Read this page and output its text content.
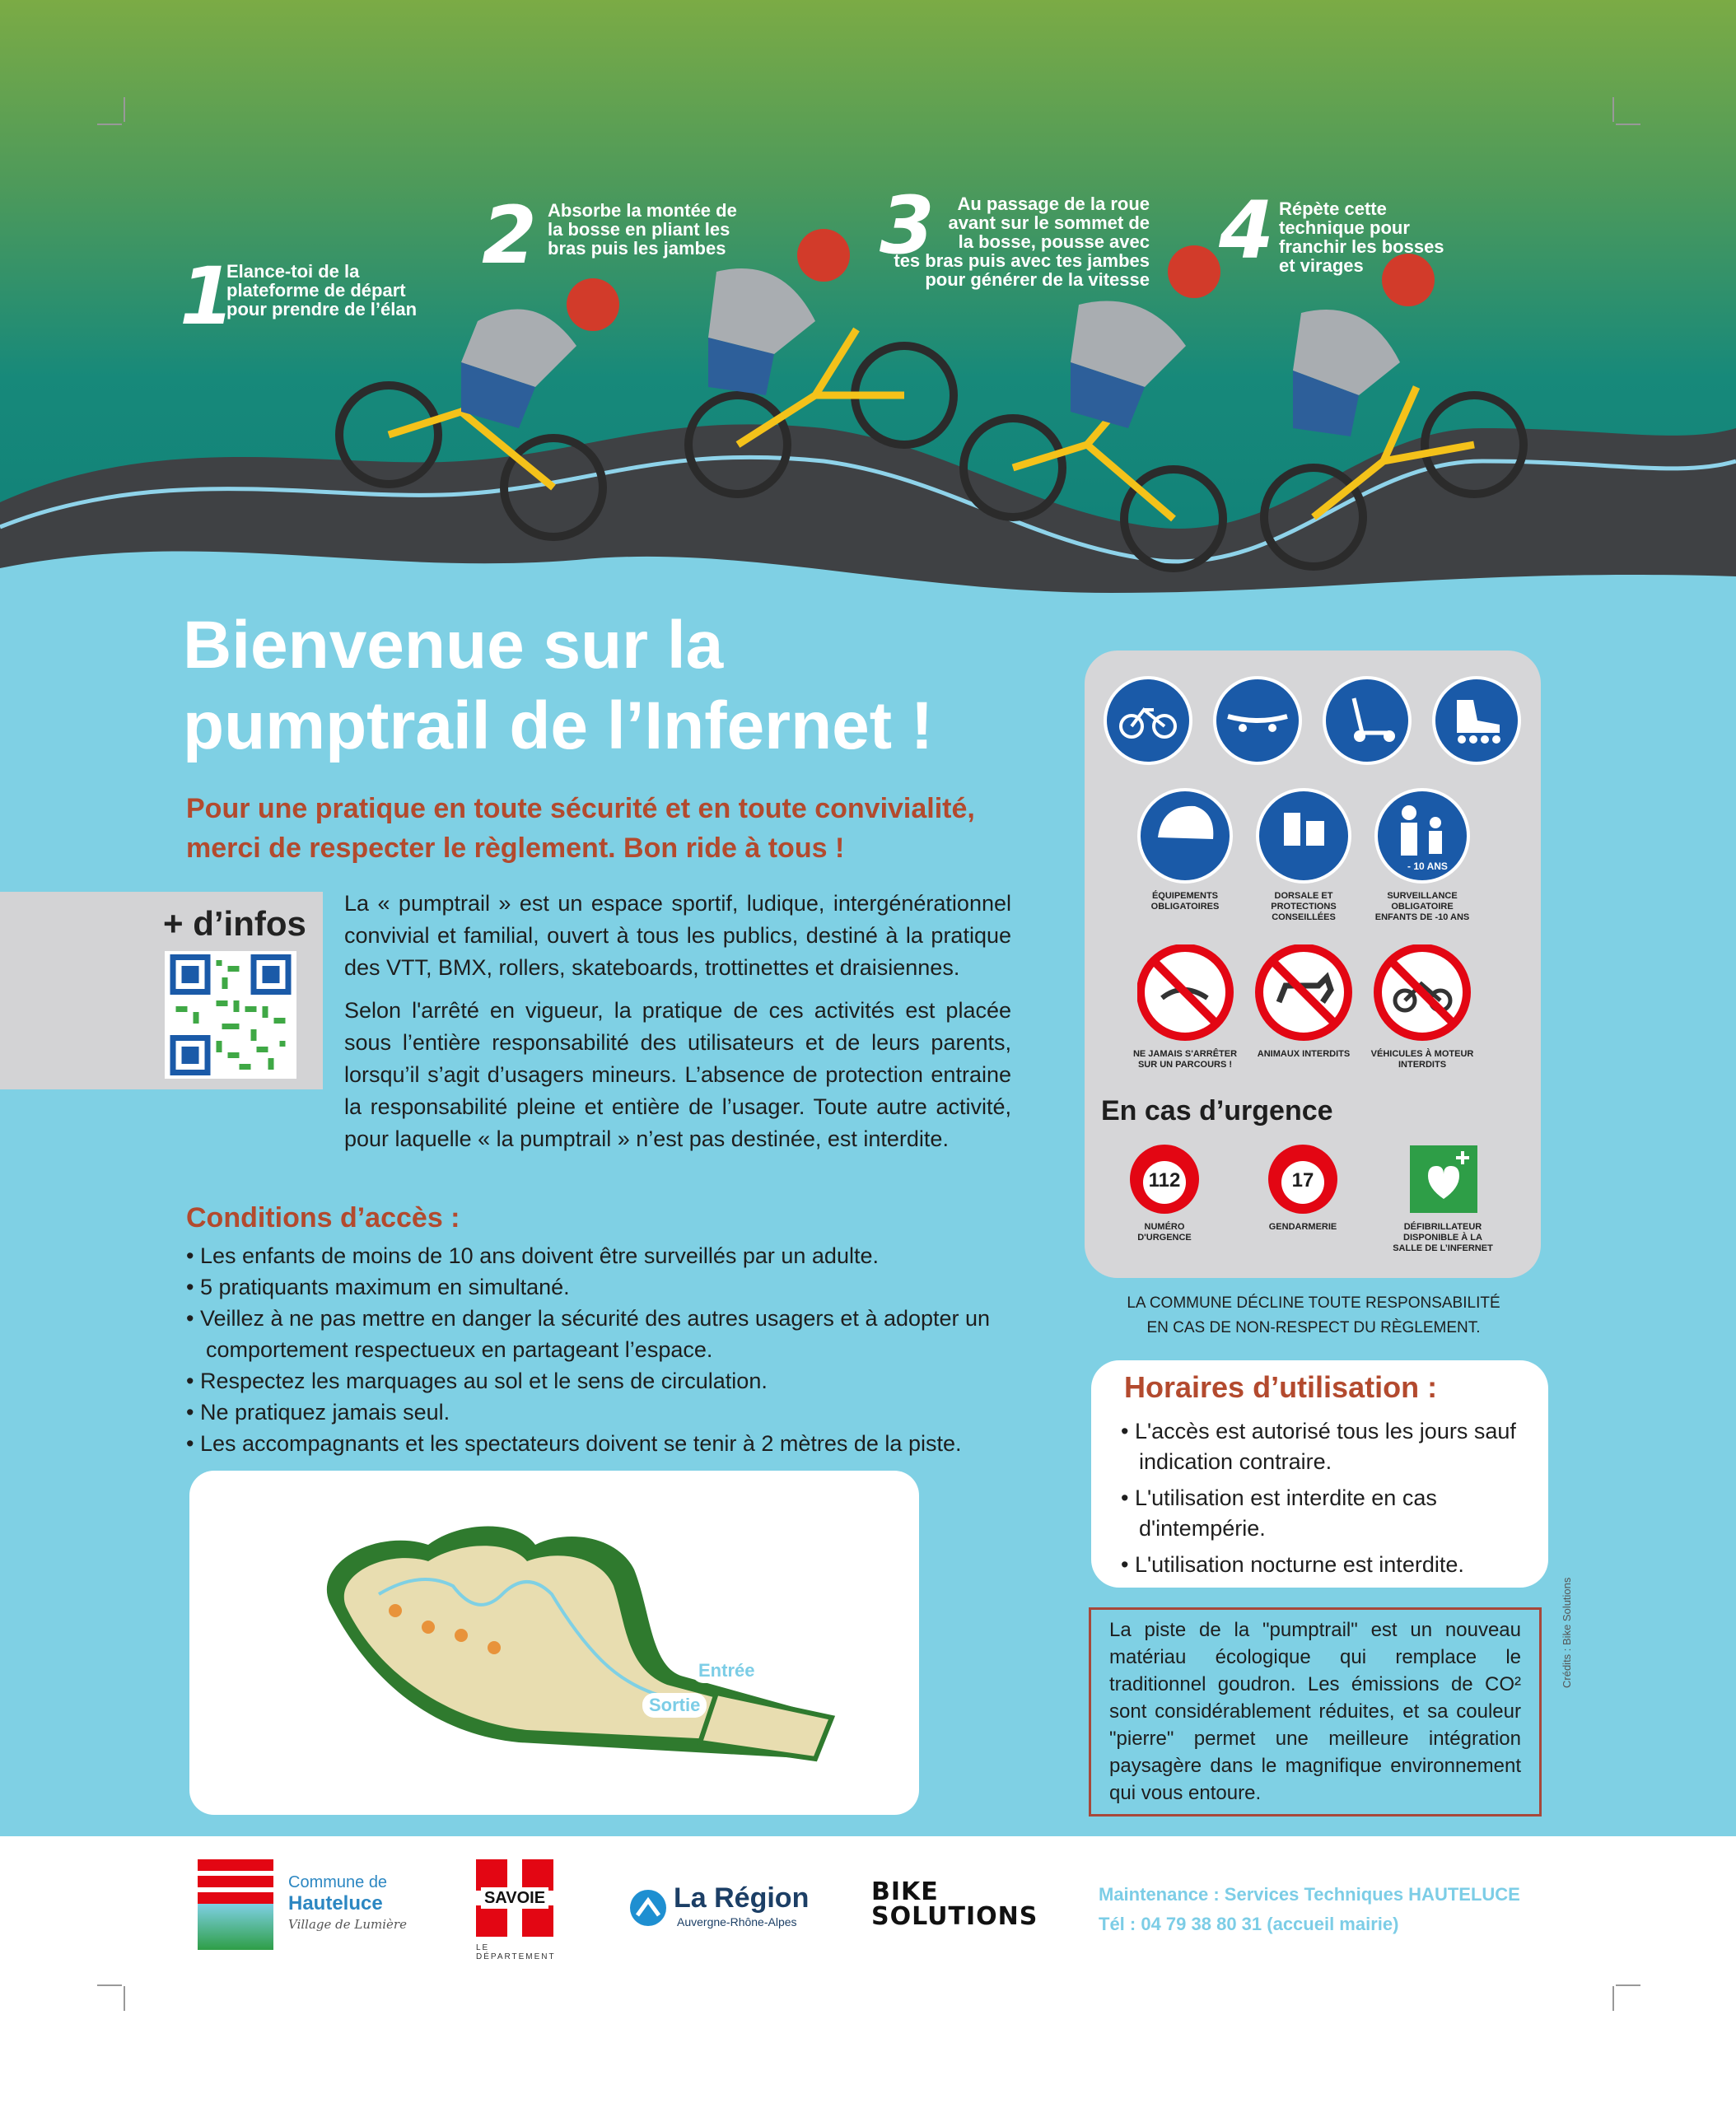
1
Elance-toi de la
plateforme de départ
pour prendre de l’élan
2 Absorbe la montée de
la bosse en pliant les
bras puis les jambes 3	Au passage de la roue
avant sur le sommet de
la bosse, pousse avec
tes bras puis avec tes jambes
pour générer de la vitesse
4 Répète cette
technique pour
franchir les bosses
et virages
Bienvenue sur la
pumptrail de l’Infernet !
Pour une pratique en toute sécurité et en toute convivialité,
merci de respecter le règlement. Bon ride à tous !
+ d’infos
La « pumptrail » est un espace sportif, ludique, intergénérationnel convivial et familial, ouvert à tous les publics, destiné à la pratique des VTT, BMX, rollers, skateboards, trottinettes et draisiennes.
Selon l'arrêté en vigueur, la pratique de ces activités est placée sous l’entière responsabilité des utilisateurs et de leurs parents, lorsqu’il s’agit d’usagers mineurs. L’absence de protection entraine la responsabilité pleine et entière de l’usager. Toute autre activité, pour laquelle « la pumptrail » n’est pas destinée, est interdite.
Conditions d’accès :
• Les enfants de moins de 10 ans doivent être surveillés par un adulte.
• 5 pratiquants maximum en simultané.
• Veillez à ne pas mettre en danger la sécurité des autres usagers et à adopter un comportement respectueux en partageant l’espace.
• Respectez les marquages au sol et le sens de circulation.
• Ne pratiquez jamais seul.
• Les accompagnants et les spectateurs doivent se tenir à 2 mètres de la piste.
Entrée
Sortie
- 10 ANS
ÉQUIPEMENTS
OBLIGATOIRES
DORSALE ET
PROTECTIONS
CONSEILLÉES
SURVEILLANCE
OBLIGATOIRE
ENFANTS DE -10 ANS
NE JAMAIS S'ARRÊTER
SUR UN PARCOURS !
ANIMAUX INTERDITS	VÉHICULES À MOTEUR
INTERDITS
En cas d’urgence
112	17
NUMÉRO
D'URGENCE
GENDARMERIE	DÉFIBRILLATEUR
DISPONIBLE À LA
SALLE DE L’INFERNET
LA COMMUNE DÉCLINE TOUTE RESPONSABILITÉ
EN CAS DE NON-RESPECT DU RÈGLEMENT.
Horaires d’utilisation :
• L'accès est autorisé tous les jours sauf indication contraire.
• L'utilisation est interdite en cas d'intempérie.
• L'utilisation nocturne est interdite.
La piste de la "pumptrail" est un nouveau matériau écologique qui remplace le traditionnel goudron. Les émissions de CO² sont considérablement réduites, et sa couleur "pierre" permet une meilleure intégration paysagère dans le magnifique environnement qui vous entoure.
Crédits : Bike Solutions
Commune de
Hauteluce
Village de Lumière
SAVOIE
LE DÉPARTEMENT
La Région
Auvergne-Rhône-Alpes
BIKE
SOLUTIONS
Maintenance : Services Techniques HAUTELUCE
Tél : 04 79 38 80 31 (accueil mairie)
